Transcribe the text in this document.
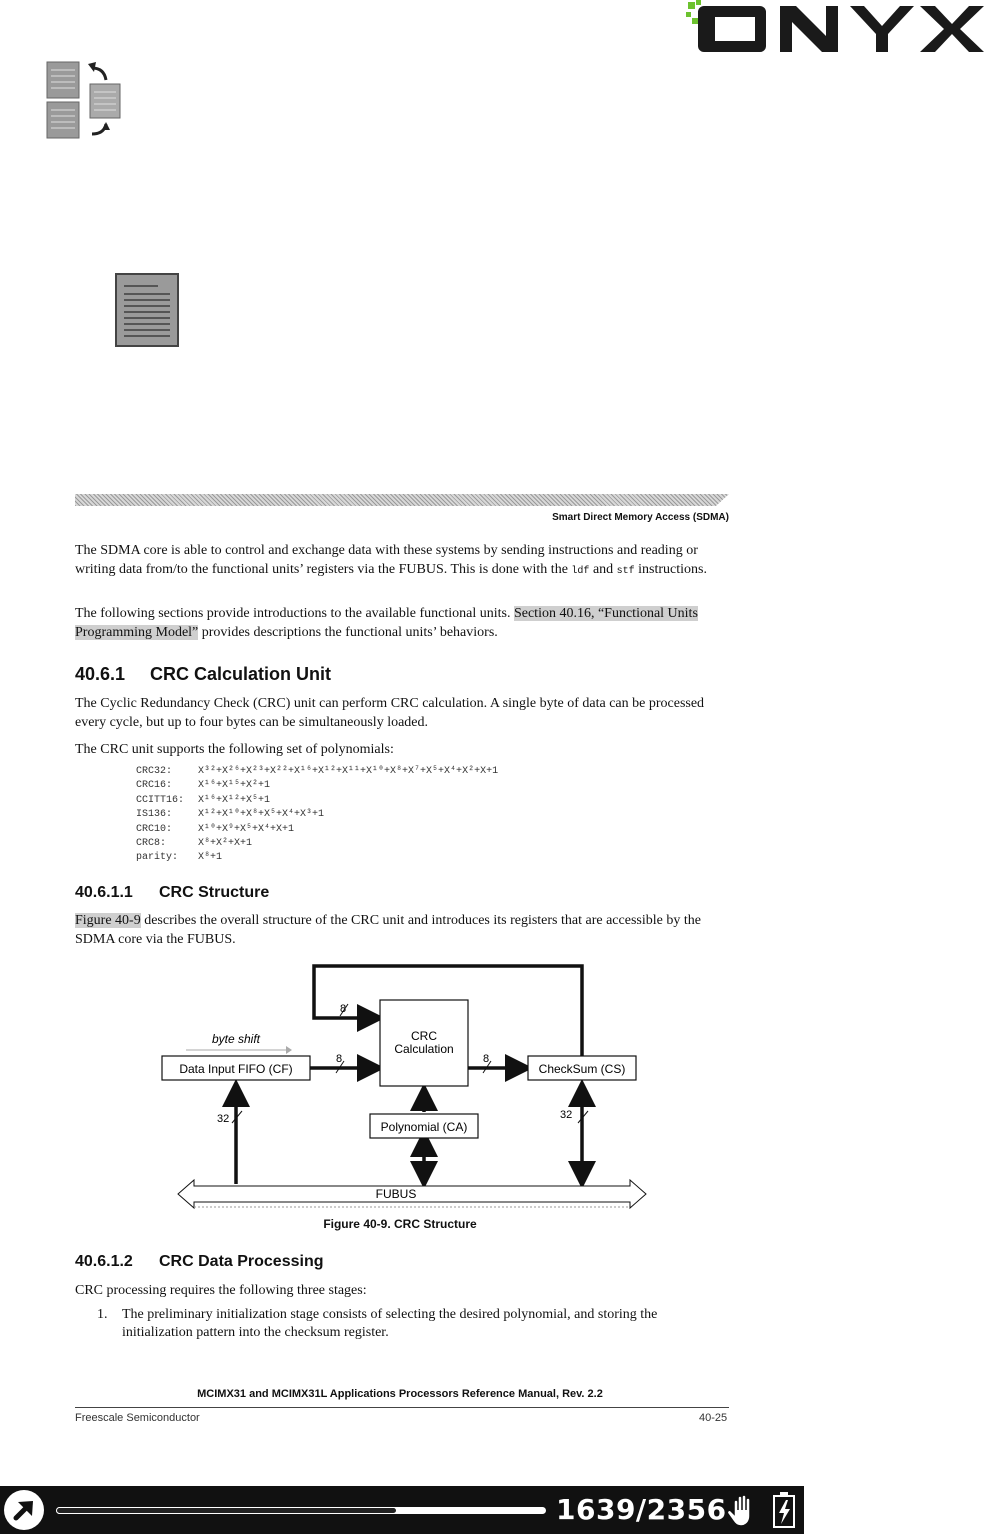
Smart Direct Memory Access (SDMA)
The SDMA core is able to control and exchange data with these systems by sending instructions and reading or writing data from/to the functional units’ registers via the FUBUS. This is done with the ldf and stf instructions.
The following sections provide introductions to the available functional units. Section 40.16, “Functional Units Programming Model” provides descriptions the functional units’ behaviors.
40.6.1 CRC Calculation Unit
The Cyclic Redundancy Check (CRC) unit can perform CRC calculation. A single byte of data can be processed every cycle, but up to four bytes can be simultaneously loaded.
The CRC unit supports the following set of polynomials:
CRC32:	X³²+X²⁶+X²³+X²²+X¹⁶+X¹²+X¹¹+X¹⁰+X⁸+X⁷+X⁵+X⁴+X²+X+1
CRC16:	X¹⁶+X¹⁵+X²+1
CCITT16: X¹⁶+X¹²+X⁵+1
IS136:	X¹²+X¹⁰+X⁸+X⁵+X⁴+X³+1
CRC10:	X¹⁰+X⁹+X⁵+X⁴+X+1
CRC8:	X⁸+X²+X+1
parity: X⁸+1
40.6.1.1 CRC Structure
Figure 40-9 describes the overall structure of the CRC unit and introduces its registers that are accessible by the SDMA core via the FUBUS.
CRC
Calculation
Data Input FIFO (CF)	CheckSum (CS)
Polynomial (CA)
FUBUS
byte shift
8
8	8
32	32
Figure 40-9. CRC Structure
40.6.1.2 CRC Data Processing
CRC processing requires the following three stages:
1. The preliminary initialization stage consists of selecting the desired polynomial, and storing the initialization pattern into the checksum register.
MCIMX31 and MCIMX31L Applications Processors Reference Manual, Rev. 2.2
Freescale Semiconductor	40-25
1639/2356
